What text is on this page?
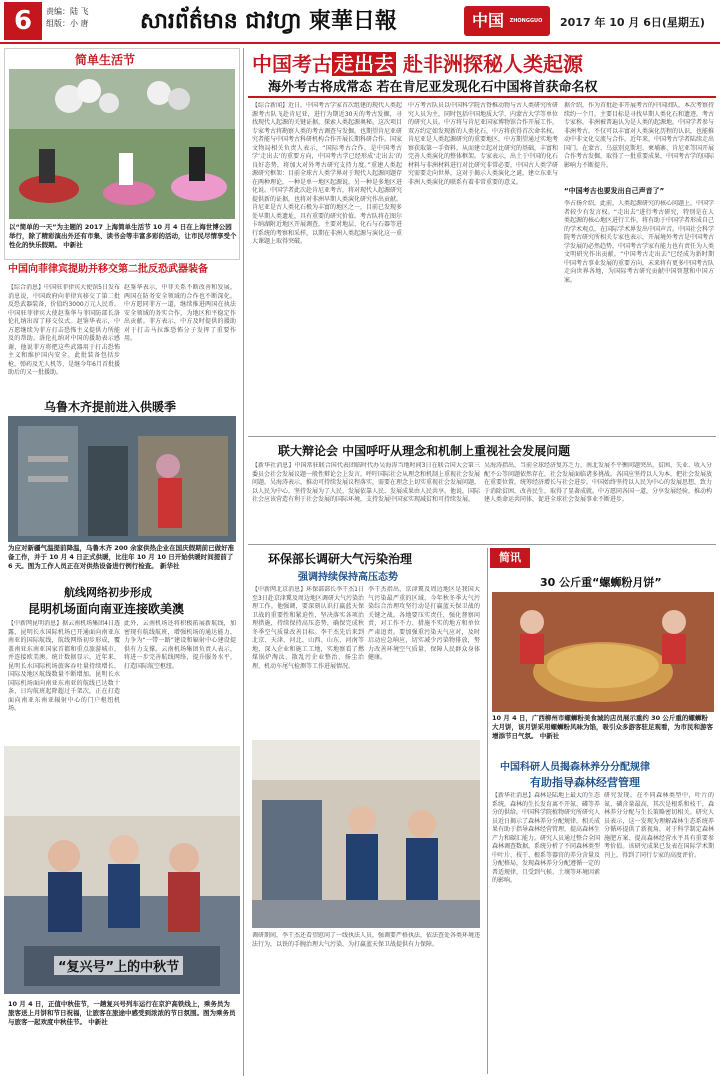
6	责编：陆 飞
组版：小 唐 សារព័ត៌មាន ជាវហ្វា 柬華日報	中国 ZHONGGUO	2017 年 10 月 6日(星期五)
简单生活节
以“简单的一天”为主题的 2017 上海简单生活节 10 月 4 日在上海世博公园举行，除了精彩演出外还有市集、读书会等丰富多彩的活动，让市民尽情享受个性化的快乐假期。 中新社
中国向菲律宾提助并移交第二批反恐武器装备
【综合消息】中国驻菲律宾大使馆5日发布消息说，中国政府向菲律宾移交了第二批反恐武器装备，价值约3000万元人民币。中国驻菲律宾大使赵鉴华与菲国防部长洛伦扎纳出席了移交仪式。赵鉴华表示，中方愿继续为菲方打击恐怖主义提供力所能及的帮助。洛伦扎纳对中国的援助表示感谢，他说菲方将把这些武器用于打击恐怖主义和维护国内安全。此批装备包括步枪、弹药及无人机等，是继今年6月首批援助后的又一批援助。
赵鉴华表示，中菲关系不断改善和发展，两国在防务安全领域的合作也不断深化。中方愿同菲方一道，继续推进两国在执法安全领域的务实合作，为地区和平稳定作出贡献。菲方表示，中方及时提供的援助对于打击马拉维恐怖分子发挥了重要作用。
乌鲁木齐提前进入供暖季
为应对新疆气温提前降温，乌鲁木齐 200 余家供热企业在国庆假期前已做好准备工作，并于 10 月 4 日正式供暖，比往年 10 月 10 日开始供暖时间提前了 6 天。图为工作人员正在对供热设备进行例行检查。 新华社
航线网络初步形成
昆明机场面向南亚连接欧美澳
【中新网昆明消息】据云南机场集团4日透露，昆明长水国际机场已开通面向南亚东南亚的国际航线，航线网络初步形成，覆盖南亚东南亚国家首都和重点旅游城市，并连接欧美澳。统计数据显示，近年来，昆明长水国际机场旅客吞吐量持续增长，国际及地区航线数量不断增加。昆明长水国际机场面向南亚东南亚的航线已达数十条，日均航班起降超过千架次，正在打造面向南亚东南亚辐射中心的门户枢纽机场。
此外，云南机场还将积极拓展新航线，加密现有航线航班，增强机场的通达能力，力争为“一带一路”建设和辐射中心建设提供有力支撑。云南机场集团负责人表示，将进一步完善航线网络，提升服务水平，打造国际航空枢纽。
“复兴号”上的中秋节
10 月 4 日，正值中秋佳节，一趟复兴号列车运行在京沪高铁线上，乘务员为旅客送上月饼和节日祝福，让旅客在旅途中感受到浓浓的节日氛围。图为乘务员与旅客一起欢度中秋佳节。 中新社
中国考古 走出去 赴非洲探秘人类起源
海外考古将成常态 若在肯尼亚发现化石中国将首获命名权
【综合新闻】近日，中国考古学家首次组建的现代人类起源考古队飞赴肯尼亚，进行为期近30天的考古发掘，寻找现代人起源的关键证据，探索人类起源奥秘。这次项目专家考古将勘察人类的考古调查与发掘，也期望肯尼亚研究者能与中国考古科研机构合作开展长期科研合作。国家文物局相关负责人表示，“国际考古合作，是中国考古学‘走出去’的重要方向，中国考古学已经形成‘走出去’的良好态势，将加大对外考古研究支持力度。”重建人类起源研究框架：目前全球古人类学界对于现代人起源问题存在两种理论，一种是单一地区起源说，另一种是多地区进化说。中国学者此次赴肯尼亚考古，将对现代人起源研究提供新的证据，也将对非洲早期人类演化研究作出贡献。肯尼亚是古人类化石极为丰富的地区之一，目前已发现多处早期人类遗址，具有重要的研究价值。考古队将在图尔卡纳湖附近地区开展调查，主要对地层、化石与石器等进行系统的考察和采样，以期在非洲人类起源与演化这一重大课题上取得突破。
中方考古队员以中国科学院古脊椎动物与古人类研究所研究人员为主，同时包括中国地质大学、内蒙古大学等单位的研究人员。中方将与肯尼亚国家博物馆合作开展工作，双方约定如发现新的人类化石，中方将获得首次命名权。肯尼亚是人类起源研究的重要地区，中方期望通过实地考察获取第一手资料，从而建立起对比研究的基础，丰富和完善人类演化的整体框架。专家表示，出土于中国的化石材料与非洲材料进行对比研究非常必要，中国古人类学研究需要走向世界，这对于揭示人类演化之谜，建立东亚与非洲人类演化的联系有着非常重要的意义。
据介绍，作为首批赴非开展考古的中国团队，本次考察持续约一个月，主要目标是寻找早期人类化石和遗迹。考古专家称，非洲被普遍认为是人类的起源地，中国学者参与非洲考古，不仅可以丰富对人类演化历程的认识，也能推动中非文化交流与合作。近年来，中国考古学者陆续走出国门，在蒙古、乌兹别克斯坦、柬埔寨、肯尼亚等国开展合作考古发掘，取得了一批重要成果，中国考古学的国际影响力不断提升。
“中国考古也要发出自己声音了”
李占扬介绍，此前，人类起源研究的核心问题上，中国学者较少有发言权。“走出去”进行考古研究，特别是在人类起源的核心地区进行工作，将有助于中国学者形成自己的学术观点，在国际学术界发出中国声音。中国社会科学院考古研究所相关专家也表示，开展境外考古是中国考古学发展的必然趋势，中国考古学家有能力也有责任为人类文明研究作出贡献。“中国考古走出去”已经成为新时期中国考古事业发展的重要方向，未来将有更多中国考古队走向世界各地，为国际考古研究贡献中国智慧和中国方案。
联大辩论会 中国呼吁从理念和机制上重视社会发展问题
【新华社消息】中国常驻联合国代表团临时代办吴海涛当地时间3日在联合国大会第三委员会社会发展议题一般性辩论会上发言，呼吁国际社会从理念和机制上重视社会发展问题。吴海涛表示，推动可持续发展议程落实，需要在理念上切实重视社会发展问题，以人民为中心，坚持发展为了人民、发展依靠人民、发展成果由人民共享。他说，国际社会应该营造有利于社会发展的国际环境，支持发展中国家实现减贫和可持续发展。
吴海涛指出，当前全球经济复苏乏力，南北发展不平衡问题突出，贫困、失业、收入分配不公等问题依然存在，社会发展面临诸多挑战。各国应坚持以人为本，把社会发展放在重要位置，统筹经济增长与社会进步。中国始终坚持以人民为中心的发展思想，致力于消除贫困，改善民生，取得了显著成就。中方愿同各国一道，分享发展经验，推动构建人类命运共同体，促进全球社会发展事业不断进步。
环保部长调研大气污染治理
强调持续保持高压态势
【中新网北京消息】环保部部长李干杰1日至3日赴京津冀及周边地区调研大气污染治理工作。他强调，要深刻认识打赢蓝天保卫战的重要性和紧迫性，坚决落实各项治理措施，持续保持高压态势，确保完成秋冬季空气质量改善目标。李干杰先后来到北京、天津、河北、山西、山东、河南等地，深入企业和施工工地，实地察看了燃煤锅炉淘汰、散乱污企业整治、扬尘治理、机动车尾气检测等工作进展情况。
李干杰指出，京津冀及周边地区是我国大气污染最严重的区域，今年秋冬季大气污染综合治理攻坚行动是打赢蓝天保卫战的关键之战。各地要压实责任，强化督察问责，对工作不力、措施不实的地方和单位严肃追责。要加强重污染天气应对，及时启动应急响应，切实减少污染物排放，努力改善环境空气质量，保障人民群众身体健康。
调研期间，李干杰还看望慰问了一线执法人员，强调要严格执法，依法查处各类环境违法行为，以铁的手腕治理大气污染，为打赢蓝天保卫战提供有力保障。
简讯
30 公斤重“螺蛳粉月饼”
10 月 4 日，广西柳州市螺蛳粉美食城的店员展示重约 30 公斤重的螺蛳粉大月饼，该月饼采用螺蛳粉风味为馅，吸引众多游客驻足观看，为市民和游客增添节日气氛。 中新社
中国科研人员揭森林养分分配规律
有助指导森林经营管理
【新华社消息】森林是陆地上最大的生态系统，森林的生长发育离不开氮、磷等养分的供给。中国科学院植物研究所研究人员近日揭示了森林养分分配规律，相关成果有助于指导森林经营管理，提高森林生产力和碳汇能力。研究人员通过整合全国森林调查数据，系统分析了不同森林类型中叶片、枝干、根系等器官的养分含量及分配格局，发现森林养分分配遵循一定的普适规律，且受到气候、土壤等环境因素的影响。
研究发现，在不同森林类型中，叶片的氮、磷含量最高，其次是根系和枝干，森林养分分配与生长策略密切相关。研究人员表示，这一发现为理解森林生态系统养分循环提供了新视角，对于科学制定森林施肥方案、提高森林经营水平具有重要参考价值。该研究成果已发表在国际学术期刊上，得到了同行专家的高度评价。
